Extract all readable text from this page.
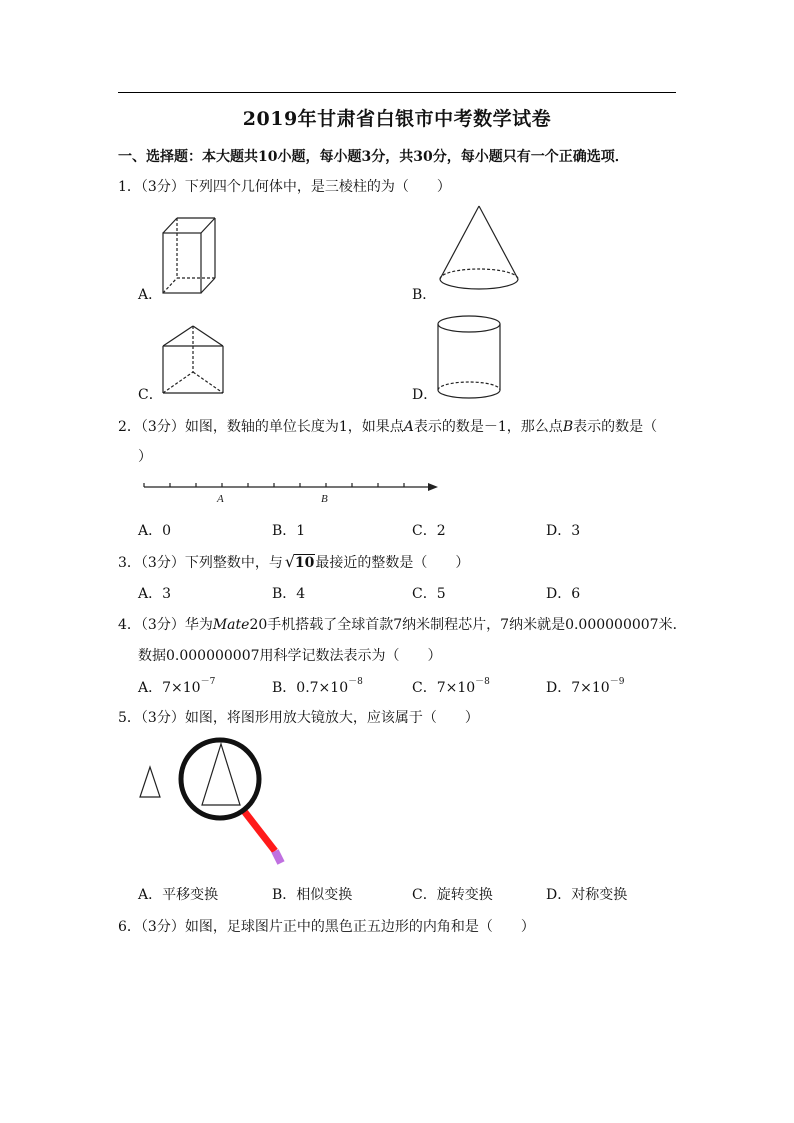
2019年甘肃省白银市中考数学试卷
一、选择题：本大题共10小题，每小题3分，共30分，每小题只有一个正确选项．
1．（3分）下列四个几何体中，是三棱柱的为（　　）
A．	B．
C．	D．
2．（3分）如图，数轴的单位长度为1，如果点A表示的数是－1，那么点B表示的数是（
）
A	B
A．0	B．1	C．2	D．3
3．（3分）下列整数中，与 √ 10最接近的整数是（　　）
A．3	B．4	C．5	D．6
4．（3分）华为Mate20手机搭载了全球首款7纳米制程芯片，7纳米就是0.000000007米．
数据0.000000007用科学记数法表示为（　　）
A．$7\times 10^{-7}$	B．$0.7\times 10^{-8}$	C．$7\times 10^{-8}$	D．$7\times 10^{-9}$
5．（3分）如图，将图形用放大镜放大，应该属于（　　）
A．平移变换	B．相似变换	C．旋转变换	D．对称变换
6．（3分）如图，足球图片正中的黑色正五边形的内角和是（　　）
